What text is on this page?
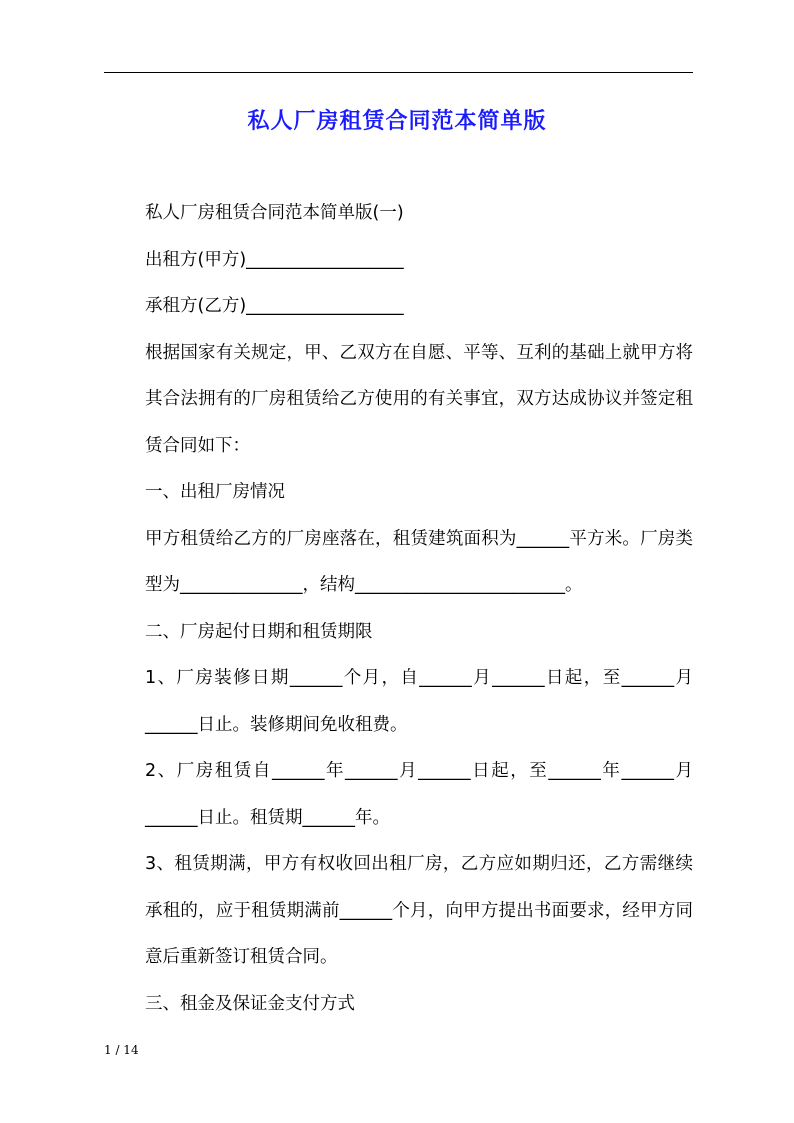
私人厂房租赁合同范本简单版

私人厂房租赁合同范本简单版(一)

出租方(甲方)__________________

承租方(乙方)__________________

根据国家有关规定，甲、乙双方在自愿、平等、互利的基础上就甲方将其合法拥有的厂房租赁给乙方使用的有关事宜，双方达成协议并签定租赁合同如下：

一、出租厂房情况

甲方租赁给乙方的厂房座落在，租赁建筑面积为______平方米。厂房类型为______________，结构________________________。

二、厂房起付日期和租赁期限

1、厂房装修日期______个月，自______月______日起，至______月______日止。装修期间免收租费。

2、厂房租赁自______年______月______日起，至______年______月______日止。租赁期______年。

3、租赁期满，甲方有权收回出租厂房，乙方应如期归还，乙方需继续承租的，应于租赁期满前______个月，向甲方提出书面要求，经甲方同意后重新签订租赁合同。

三、租金及保证金支付方式

1 / 14
